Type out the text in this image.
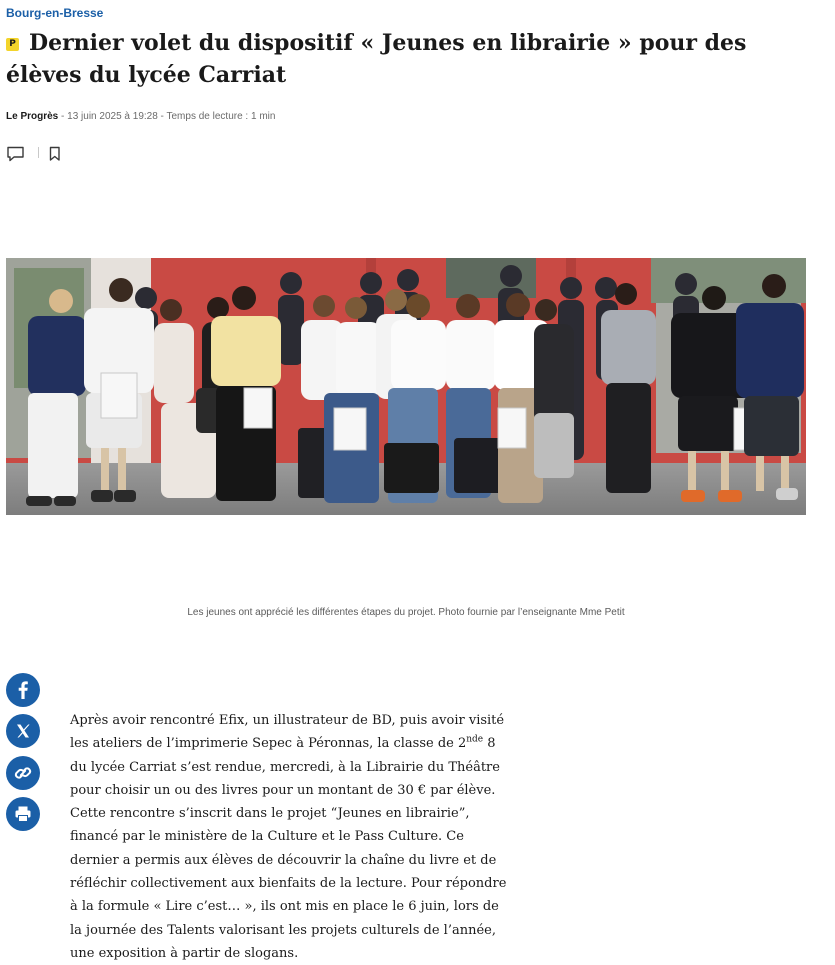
Bourg-en-Bresse
P Dernier volet du dispositif « Jeunes en librairie » pour des élèves du lycée Carriat
Le Progrès - 13 juin 2025 à 19:28 - Temps de lecture : 1 min
Les jeunes ont apprécié les différentes étapes du projet. Photo fournie par l’enseignante Mme Petit

Après avoir rencontré Efix, un illustrateur de BD, puis avoir visité les ateliers de l’imprimerie Sepec à Péronnas, la classe de 2nde 8 du lycée Carriat s’est rendue, mercredi, à la Librairie du Théâtre pour choisir un ou des livres pour un montant de 30 € par élève. Cette rencontre s’inscrit dans le projet “Jeunes en librairie”, financé par le ministère de la Culture et le Pass Culture. Ce dernier a permis aux élèves de découvrir la chaîne du livre et de réfléchir collectivement aux bienfaits de la lecture. Pour répondre à la formule « Lire c’est… », ils ont mis en place le 6 juin, lors de la journée des Talents valorisant les projets culturels de l’année, une exposition à partir de slogans.
